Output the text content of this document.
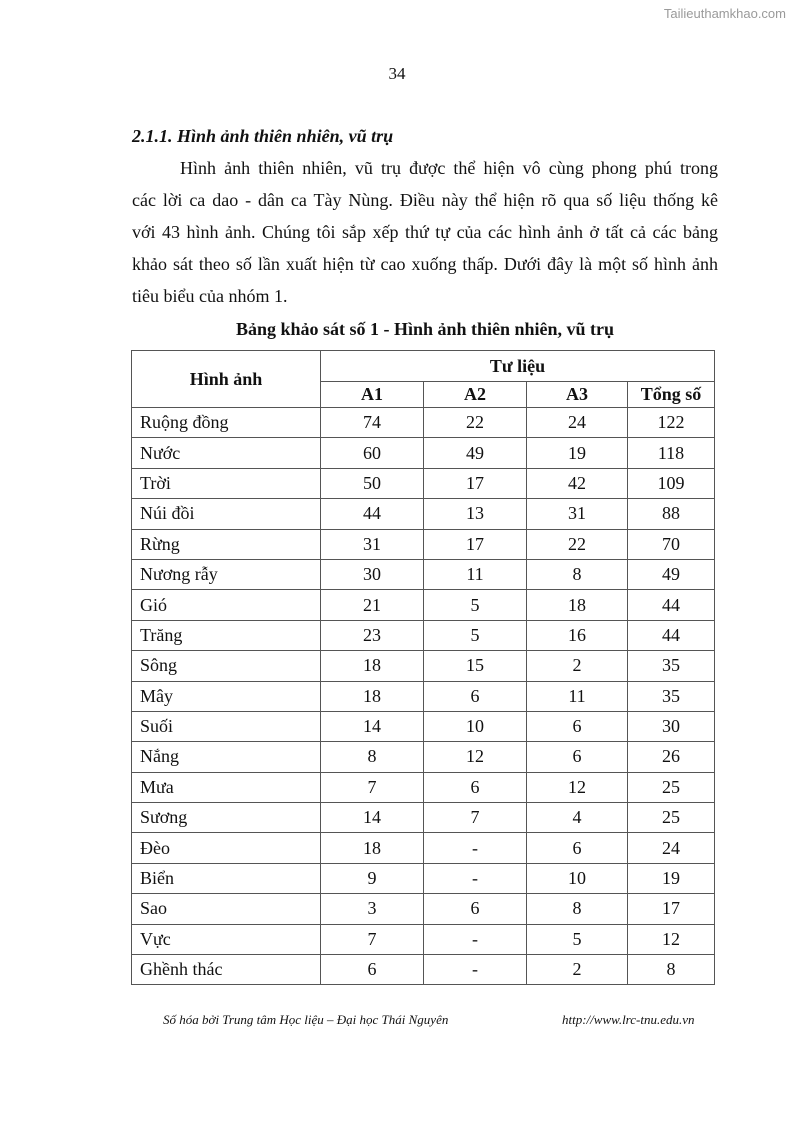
Tailieuthamkhao.com
34
2.1.1. Hình ảnh thiên nhiên, vũ trụ
Hình ảnh thiên nhiên, vũ trụ được thể hiện vô cùng phong phú trong
các lời ca dao - dân ca Tày Nùng. Điều này thể hiện rõ qua số liệu thống kê
với 43 hình ảnh. Chúng tôi sắp xếp thứ tự của các hình ảnh ở tất cả các bảng
khảo sát theo số lần xuất hiện từ cao xuống thấp. Dưới đây là một số hình ảnh
tiêu biểu của nhóm 1.
Bảng khảo sát số 1 - Hình ảnh thiên nhiên, vũ trụ
Hình ảnh	Tư liệu			
	A1	A2	A3	Tổng số
Ruộng đồng	74	22	24	122
Nước	60	49	19	118
Trời	50	17	42	109
Núi đồi	44	13	31	88
Rừng	31	17	22	70
Nương rẫy	30	11	8	49
Gió	21	5	18	44
Trăng	23	5	16	44
Sông	18	15	2	35
Mây	18	6	11	35
Suối	14	10	6	30
Nắng	8	12	6	26
Mưa	7	6	12	25
Sương	14	7	4	25
Đèo	18	-	6	24
Biển	9	-	10	19
Sao	3	6	8	17
Vực	7	-	5	12
Ghềnh thác	6	-	2	8
Số hóa bởi Trung tâm Học liệu – Đại học Thái Nguyên	http://www.lrc-tnu.edu.vn
